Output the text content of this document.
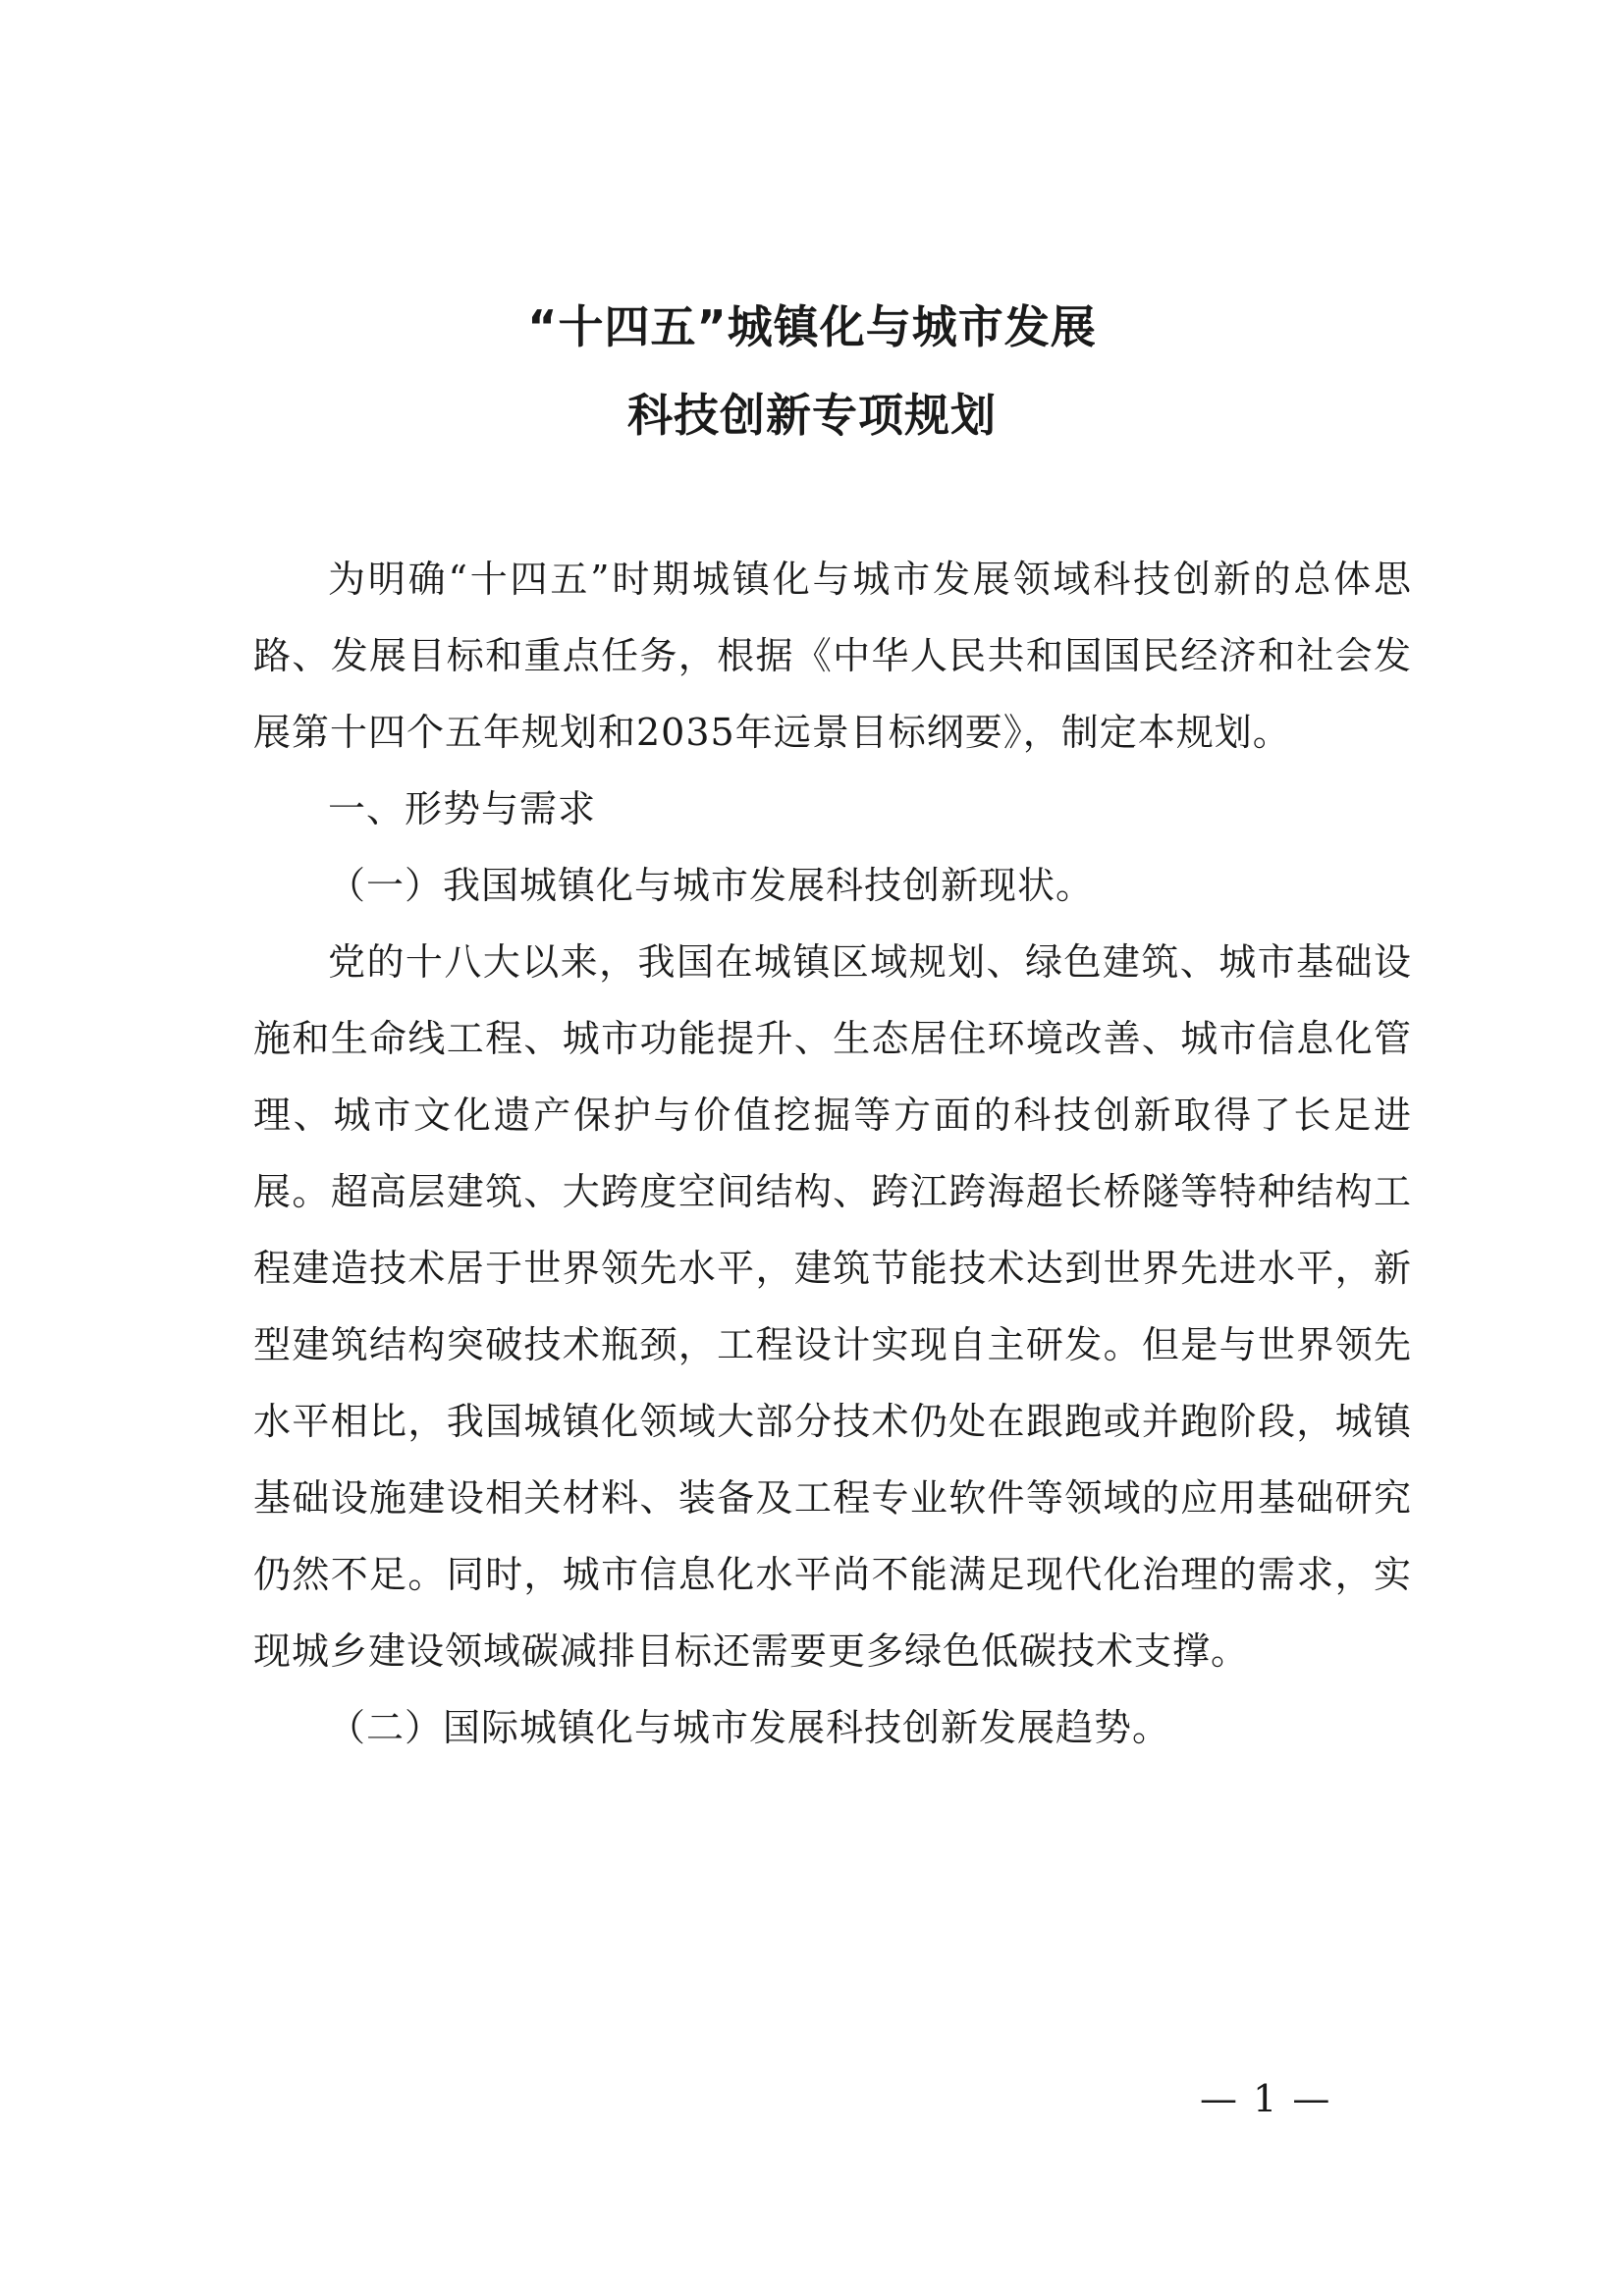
“十四五”城镇化与城市发展
科技创新专项规划

为明确“十四五”时期城镇化与城市发展领域科技创新的总体思路、发展目标和重点任务，根据《中华人民共和国国民经济和社会发展第十四个五年规划和2035年远景目标纲要》，制定本规划。

一、形势与需求

（一）我国城镇化与城市发展科技创新现状。

党的十八大以来，我国在城镇区域规划、绿色建筑、城市基础设施和生命线工程、城市功能提升、生态居住环境改善、城市信息化管理、城市文化遗产保护与价值挖掘等方面的科技创新取得了长足进展。超高层建筑、大跨度空间结构、跨江跨海超长桥隧等特种结构工程建造技术居于世界领先水平，建筑节能技术达到世界先进水平，新型建筑结构突破技术瓶颈，工程设计实现自主研发。但是与世界领先水平相比，我国城镇化领域大部分技术仍处在跟跑或并跑阶段，城镇基础设施建设相关材料、装备及工程专业软件等领域的应用基础研究仍然不足。同时，城市信息化水平尚不能满足现代化治理的需求，实现城乡建设领域碳减排目标还需要更多绿色低碳技术支撑。

（二）国际城镇化与城市发展科技创新发展趋势。

— 1 —
